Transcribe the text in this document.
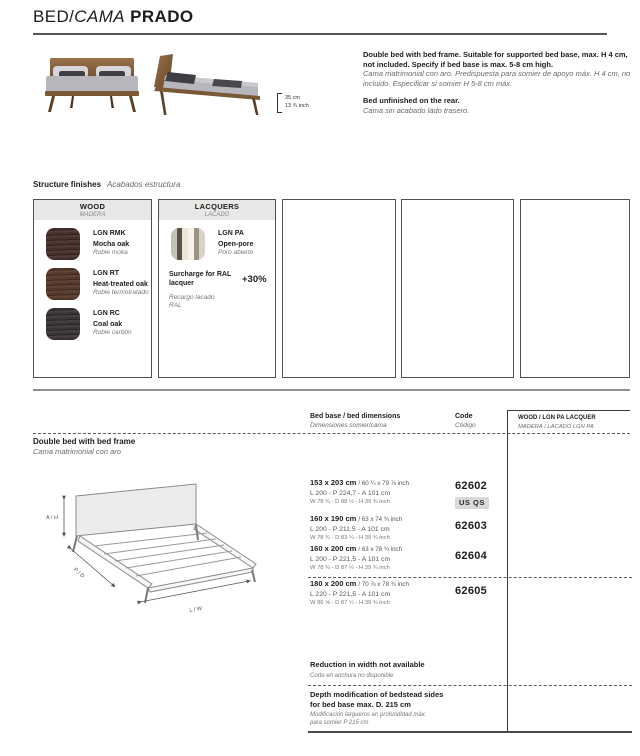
BED/CAMA PRADO
35 cm
13 ¾ inch

Double bed with bed frame. Suitable for supported bed base, max. H 4 cm, not included. Specify if bed base is max. 5-8 cm high.

Cama matrimonial con aro. Predispuesta para somier de apoyo máx. H 4 cm, no incluido. Especificar si somier H 5-8 cm máx.

Bed unfinished on the rear.

Cama sin acabado lado trasero.

Structure finishes Acabados estructura
WOOD
MADERA
LGN RMK
Mocha oak
Roble moka
LGN RT
Heat-treated oak
Roble termotratado
LGN RC
Coal oak
Roble carbón
LACQUERS
LACADO
LGN PA
Open-pore
Poro abierto
Surcharge for RAL lacquer
Recargo lacado RAL
+30%
Bed base / bed dimensions
Dimensiones somier/cama
Code
Código
WOOD / LGN PA LACQUER
MADERA / LACADO LGN PA
Double bed with bed frame
Cama matrimonial con aro
A / H
P / D
L / W
153 x 203 cm / 60 ¼ x 79 ⅞ inch
L 200 - P 224,7 - A 101 cm
W 78 ¾ - D 88 ½ - H 39 ¾ inch
62602
US QS
160 x 190 cm / 63 x 74 ¾ inch
L 200 - P 211,5 - A 101 cm
W 78 ¾ - D 83 ¼ - H 39 ¾ inch
62603
160 x 200 cm / 63 x 78 ¾ inch
L 200 - P 221,5 - A 101 cm
W 78 ¾ - D 87 ¼ - H 39 ¾ inch
62604
180 x 200 cm / 70 ⅞ x 78 ¾ inch
L 220 - P 221,5 - A 101 cm
W 86 ⅝ - D 87 ¼ - H 39 ¾ inch
62605
Reduction in width not available
Corte en anchura no disponible
Depth modification of bedstead sides
for bed base max. D. 215 cm
Modificación largueros en profundidad máx.
para somier P 215 cm
